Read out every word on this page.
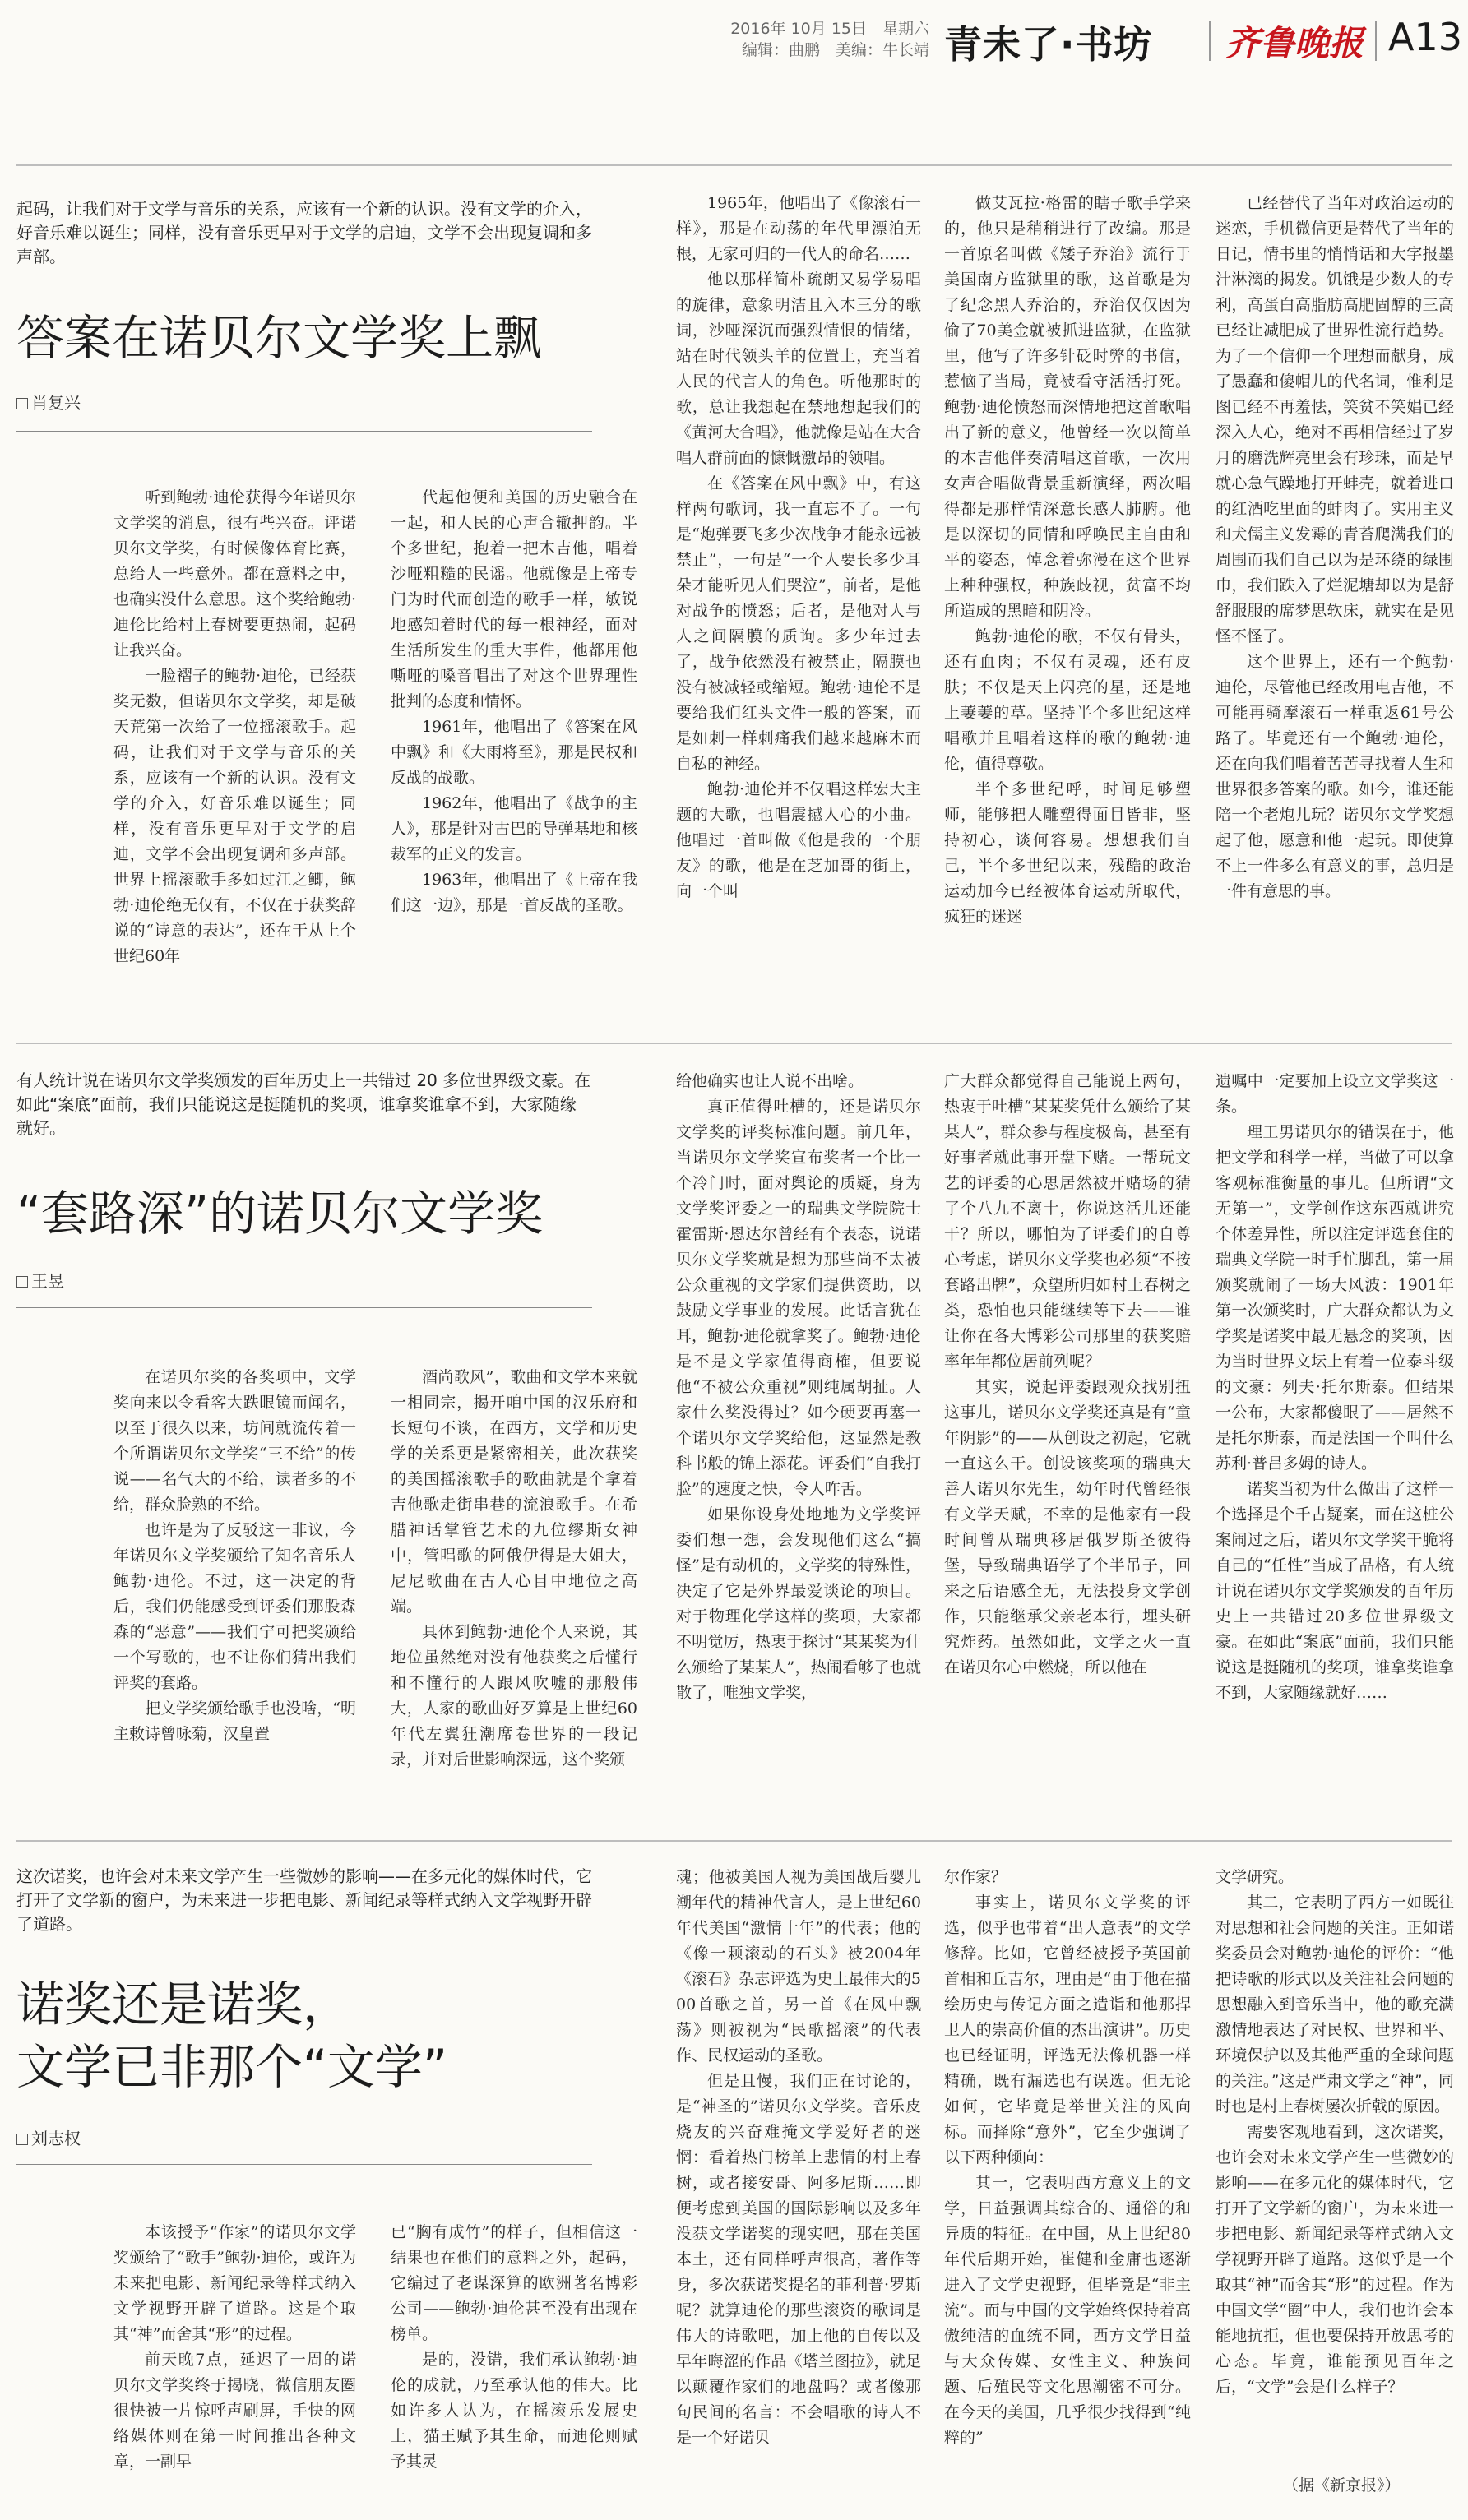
2016年 10月 15日　星期六
编辑：曲鹏　美编：牛长靖 青未了·书坊 齐鲁晚报 A13
起码，让我们对于文学与音乐的关系，应该有一个新的认识。没有文学的介入，好音乐难以诞生；同样，没有音乐更早对于文学的启迪，文学不会出现复调和多声部。
答案在诺贝尔文学奖上飘
肖复兴

听到鲍勃·迪伦获得今年诺贝尔文学奖的消息，很有些兴奋。评诺贝尔文学奖，有时候像体育比赛，总给人一些意外。都在意料之中，也确实没什么意思。这个奖给鲍勃·迪伦比给村上春树要更热闹，起码让我兴奋。

一脸褶子的鲍勃·迪伦，已经获奖无数，但诺贝尔文学奖，却是破天荒第一次给了一位摇滚歌手。起码，让我们对于文学与音乐的关系，应该有一个新的认识。没有文学的介入，好音乐难以诞生；同样，没有音乐更早对于文学的启迪，文学不会出现复调和多声部。世界上摇滚歌手多如过江之鲫，鲍勃·迪伦绝无仅有，不仅在于获奖辞说的“诗意的表达”，还在于从上个世纪60年

代起他便和美国的历史融合在一起，和人民的心声合辙押韵。半个多世纪，抱着一把木吉他，唱着沙哑粗糙的民谣。他就像是上帝专门为时代而创造的歌手一样，敏锐地感知着时代的每一根神经，面对生活所发生的重大事件，他都用他嘶哑的嗓音唱出了对这个世界理性批判的态度和情怀。

1961年，他唱出了《答案在风中飘》和《大雨将至》，那是民权和反战的战歌。

1962年，他唱出了《战争的主人》，那是针对古巴的导弹基地和核裁军的正义的发言。

1963年，他唱出了《上帝在我们这一边》，那是一首反战的圣歌。

1965年，他唱出了《像滚石一样》，那是在动荡的年代里漂泊无根，无家可归的一代人的命名……

他以那样简朴疏朗又易学易唱的旋律，意象明洁且入木三分的歌词，沙哑深沉而强烈情恨的情绪，站在时代领头羊的位置上，充当着人民的代言人的角色。听他那时的歌，总让我想起在禁地想起我们的《黄河大合唱》，他就像是站在大合唱人群前面的慷慨激昂的领唱。

在《答案在风中飘》中，有这样两句歌词，我一直忘不了。一句是“炮弹要飞多少次战争才能永远被禁止”，一句是“一个人要长多少耳朵才能听见人们哭泣”，前者，是他对战争的愤怒；后者，是他对人与人之间隔膜的质询。多少年过去了，战争依然没有被禁止，隔膜也没有被减轻或缩短。鲍勃·迪伦不是要给我们红头文件一般的答案，而是如刺一样刺痛我们越来越麻木而自私的神经。

鲍勃·迪伦并不仅唱这样宏大主题的大歌，也唱震撼人心的小曲。他唱过一首叫做《他是我的一个朋友》的歌，他是在芝加哥的街上，向一个叫

做艾瓦拉·格雷的瞎子歌手学来的，他只是稍稍进行了改编。那是一首原名叫做《矮子乔治》流行于美国南方监狱里的歌，这首歌是为了纪念黑人乔治的，乔治仅仅因为偷了70美金就被抓进监狱，在监狱里，他写了许多针砭时弊的书信，惹恼了当局，竟被看守活活打死。鲍勃·迪伦愤怒而深情地把这首歌唱出了新的意义，他曾经一次以简单的木吉他伴奏清唱这首歌，一次用女声合唱做背景重新演绎，两次唱得都是那样情深意长感人肺腑。他是以深切的同情和呼唤民主自由和平的姿态，悼念着弥漫在这个世界上种种强权，种族歧视，贫富不均所造成的黑暗和阴冷。

鲍勃·迪伦的歌，不仅有骨头，还有血肉；不仅有灵魂，还有皮肤；不仅是天上闪亮的星，还是地上萋萋的草。坚持半个多世纪这样唱歌并且唱着这样的歌的鲍勃·迪伦，值得尊敬。

半个多世纪呼，时间足够塑师，能够把人雕塑得面目皆非，坚持初心，谈何容易。想想我们自己，半个多世纪以来，残酷的政治运动加今已经被体育运动所取代，疯狂的迷迷

已经替代了当年对政治运动的迷恋，手机微信更是替代了当年的日记，情书里的悄悄话和大字报墨汁淋漓的揭发。饥饿是少数人的专利，高蛋白高脂肪高肥固醇的三高已经让减肥成了世界性流行趋势。为了一个信仰一个理想而献身，成了愚蠢和傻帽儿的代名词，惟利是图已经不再羞怯，笑贫不笑娼已经深入人心，绝对不再相信经过了岁月的磨洗辉亮里会有珍珠，而是早就心急气躁地打开蚌壳，就着进口的红酒吃里面的蚌肉了。实用主义和犬儒主义发霉的青苔爬满我们的周围而我们自己以为是环绕的绿围巾，我们跌入了烂泥塘却以为是舒舒服服的席梦思软床，就实在是见怪不怪了。

这个世界上，还有一个鲍勃·迪伦，尽管他已经改用电吉他，不可能再骑摩滚石一样重返61号公路了。毕竟还有一个鲍勃·迪伦，还在向我们唱着苦苦寻找着人生和世界很多答案的歌。如今，谁还能陪一个老炮儿玩？诺贝尔文学奖想起了他，愿意和他一起玩。即使算不上一件多么有意义的事，总归是一件有意思的事。

有人统计说在诺贝尔文学奖颁发的百年历史上一共错过 20 多位世界级文豪。在如此“案底”面前，我们只能说这是挺随机的奖项，谁拿奖谁拿不到，大家随缘就好。
“套路深”的诺贝尔文学奖
王昱

在诺贝尔奖的各奖项中，文学奖向来以令看客大跌眼镜而闻名，以至于很久以来，坊间就流传着一个所谓诺贝尔文学奖“三不给”的传说——名气大的不给，读者多的不给，群众脸熟的不给。

也许是为了反驳这一非议，今年诺贝尔文学奖颁给了知名音乐人鲍勃·迪伦。不过，这一决定的背后，我们仍能感受到评委们那股森森的“恶意”——我们宁可把奖颁给一个写歌的，也不让你们猜出我们评奖的套路。

把文学奖颁给歌手也没啥，“明主敕诗曾咏菊，汉皇置

酒尚歌风”，歌曲和文学本来就一相同宗，揭开咱中国的汉乐府和长短句不谈，在西方，文学和历史学的关系更是紧密相关，此次获奖的美国摇滚歌手的歌曲就是个拿着吉他歌走街串巷的流浪歌手。在希腊神话掌管艺术的九位缪斯女神中，管唱歌的阿俄伊得是大姐大，尼尼歌曲在古人心目中地位之高端。

具体到鲍勃·迪伦个人来说，其地位虽然绝对没有他获奖之后懂行和不懂行的人跟风吹嘘的那般伟大，人家的歌曲好歹算是上世纪60年代左翼狂潮席卷世界的一段记录，并对后世影响深远，这个奖颁

给他确实也让人说不出啥。

真正值得吐槽的，还是诺贝尔文学奖的评奖标准问题。前几年，当诺贝尔文学奖宣布奖者一个比一个冷门时，面对舆论的质疑，身为文学奖评委之一的瑞典文学院院士霍雷斯·恩达尔曾经有个表态，说诺贝尔文学奖就是想为那些尚不太被公众重视的文学家们提供资助，以鼓励文学事业的发展。此话言犹在耳，鲍勃·迪伦就拿奖了。鲍勃·迪伦是不是文学家值得商榷，但要说他“不被公众重视”则纯属胡扯。人家什么奖没得过？如今硬要再塞一个诺贝尔文学奖给他，这显然是教科书般的锦上添花。评委们“自我打脸”的速度之快，令人咋舌。

如果你设身处地地为文学奖评委们想一想，会发现他们这么“搞怪”是有动机的，文学奖的特殊性，决定了它是外界最爱谈论的项目。对于物理化学这样的奖项，大家都不明觉厉，热衷于探讨“某某奖为什么颁给了某某人”，热闹看够了也就散了，唯独文学奖，

广大群众都觉得自己能说上两句，热衷于吐槽“某某奖凭什么颁给了某某人”，群众参与程度极高，甚至有好事者就此事开盘下赌。一帮玩文艺的评委的心思居然被开赌场的猜了个八九不离十，你说这活儿还能干？所以，哪怕为了评委们的自尊心考虑，诺贝尔文学奖也必须“不按套路出牌”，众望所归如村上春树之类，恐怕也只能继续等下去——谁让你在各大博彩公司那里的获奖赔率年年都位居前列呢？

其实，说起评委跟观众找别扭这事儿，诺贝尔文学奖还真是有“童年阴影”的——从创设之初起，它就一直这么干。创设该奖项的瑞典大善人诺贝尔先生，幼年时代曾经很有文学天赋，不幸的是他家有一段时间曾从瑞典移居俄罗斯圣彼得堡，导致瑞典语学了个半吊子，回来之后语感全无，无法投身文学创作，只能继承父亲老本行，埋头研究炸药。虽然如此，文学之火一直在诺贝尔心中燃烧，所以他在

遗嘱中一定要加上设立文学奖这一条。

理工男诺贝尔的错误在于，他把文学和科学一样，当做了可以拿客观标准衡量的事儿。但所谓“文无第一”，文学创作这东西就讲究个体差异性，所以注定评选套住的瑞典文学院一时手忙脚乱，第一届颁奖就闹了一场大风波：1901年第一次颁奖时，广大群众都认为文学奖是诺奖中最无悬念的奖项，因为当时世界文坛上有着一位泰斗级的文豪：列夫·托尔斯泰。但结果一公布，大家都傻眼了——居然不是托尔斯泰，而是法国一个叫什么苏利·普吕多姆的诗人。

诺奖当初为什么做出了这样一个选择是个千古疑案，而在这桩公案闹过之后，诺贝尔文学奖干脆将自己的“任性”当成了品格，有人统计说在诺贝尔文学奖颁发的百年历史上一共错过20多位世界级文豪。在如此“案底”面前，我们只能说这是挺随机的奖项，谁拿奖谁拿不到，大家随缘就好……

这次诺奖，也许会对未来文学产生一些微妙的影响——在多元化的媒体时代，它打开了文学新的窗户，为未来进一步把电影、新闻纪录等样式纳入文学视野开辟了道路。
诺奖还是诺奖，
文学已非那个“文学”
刘志权

本该授予“作家”的诺贝尔文学奖颁给了“歌手”鲍勃·迪伦，或许为未来把电影、新闻纪录等样式纳入文学视野开辟了道路。这是个取其“神”而舍其“形”的过程。

前天晚7点，延迟了一周的诺贝尔文学奖终于揭晓，微信朋友圈很快被一片惊呼声刷屏，手快的网络媒体则在第一时间推出各种文章，一副早

已“胸有成竹”的样子，但相信这一结果也在他们的意料之外，起码，它编过了老谋深算的欧洲著名博彩公司——鲍勃·迪伦甚至没有出现在榜单。

是的，没错，我们承认鲍勃·迪伦的成就，乃至承认他的伟大。比如许多人认为，在摇滚乐发展史上，猫王赋予其生命，而迪伦则赋予其灵

魂；他被美国人视为美国战后婴儿潮年代的精神代言人，是上世纪60年代美国“激情十年”的代表；他的《像一颗滚动的石头》被2004年《滚石》杂志评选为史上最伟大的500首歌之首，另一首《在风中飘荡》则被视为“民歌摇滚”的代表作、民权运动的圣歌。

但是且慢，我们正在讨论的，是“神圣的”诺贝尔文学奖。音乐皮烧友的兴奋难掩文学爱好者的迷惘：看着热门榜单上悲情的村上春树，或者接安哥、阿多尼斯……即便考虑到美国的国际影响以及多年没获文学诺奖的现实吧，那在美国本土，还有同样呼声很高，著作等身，多次获诺奖提名的菲利普·罗斯呢？就算迪伦的那些滚资的歌词是伟大的诗歌吧，加上他的自传以及早年晦涩的作品《塔兰图拉》，就足以颠覆作家们的地盘吗？或者像那句民间的名言：不会唱歌的诗人不是一个好诺贝

尔作家？

事实上，诺贝尔文学奖的评选，似乎也带着“出人意表”的文学修辞。比如，它曾经被授予英国前首相和丘吉尔，理由是“由于他在描绘历史与传记方面之造诣和他那捍卫人的崇高价值的杰出演讲”。历史也已经证明，评选无法像机器一样精确，既有漏选也有误选。但无论如何，它毕竟是举世关注的风向标。而择除“意外”，它至少强调了以下两种倾向：

其一，它表明西方意义上的文学，日益强调其综合的、通俗的和异质的特征。在中国，从上世纪80年代后期开始，崔健和金庸也逐渐进入了文学史视野，但毕竟是“非主流”。而与中国的文学始终保持着高傲纯洁的血统不同，西方文学日益与大众传媒、女性主义、种族问题、后殖民等文化思潮密不可分。在今天的美国，几乎很少找得到“纯粹的”

文学研究。

其二，它表明了西方一如既往对思想和社会问题的关注。正如诺奖委员会对鲍勃·迪伦的评价：“他把诗歌的形式以及关注社会问题的思想融入到音乐当中，他的歌充满激情地表达了对民权、世界和平、环境保护以及其他严重的全球问题的关注。”这是严肃文学之“神”，同时也是村上春树屡次折戟的原因。

需要客观地看到，这次诺奖，也许会对未来文学产生一些微妙的影响——在多元化的媒体时代，它打开了文学新的窗户，为未来进一步把电影、新闻纪录等样式纳入文学视野开辟了道路。这似乎是一个取其“神”而舍其“形”的过程。作为中国文学“圈”中人，我们也许会本能地抗拒，但也要保持开放思考的心态。毕竟，谁能预见百年之后，“文学”会是什么样子？

（据《新京报》）
